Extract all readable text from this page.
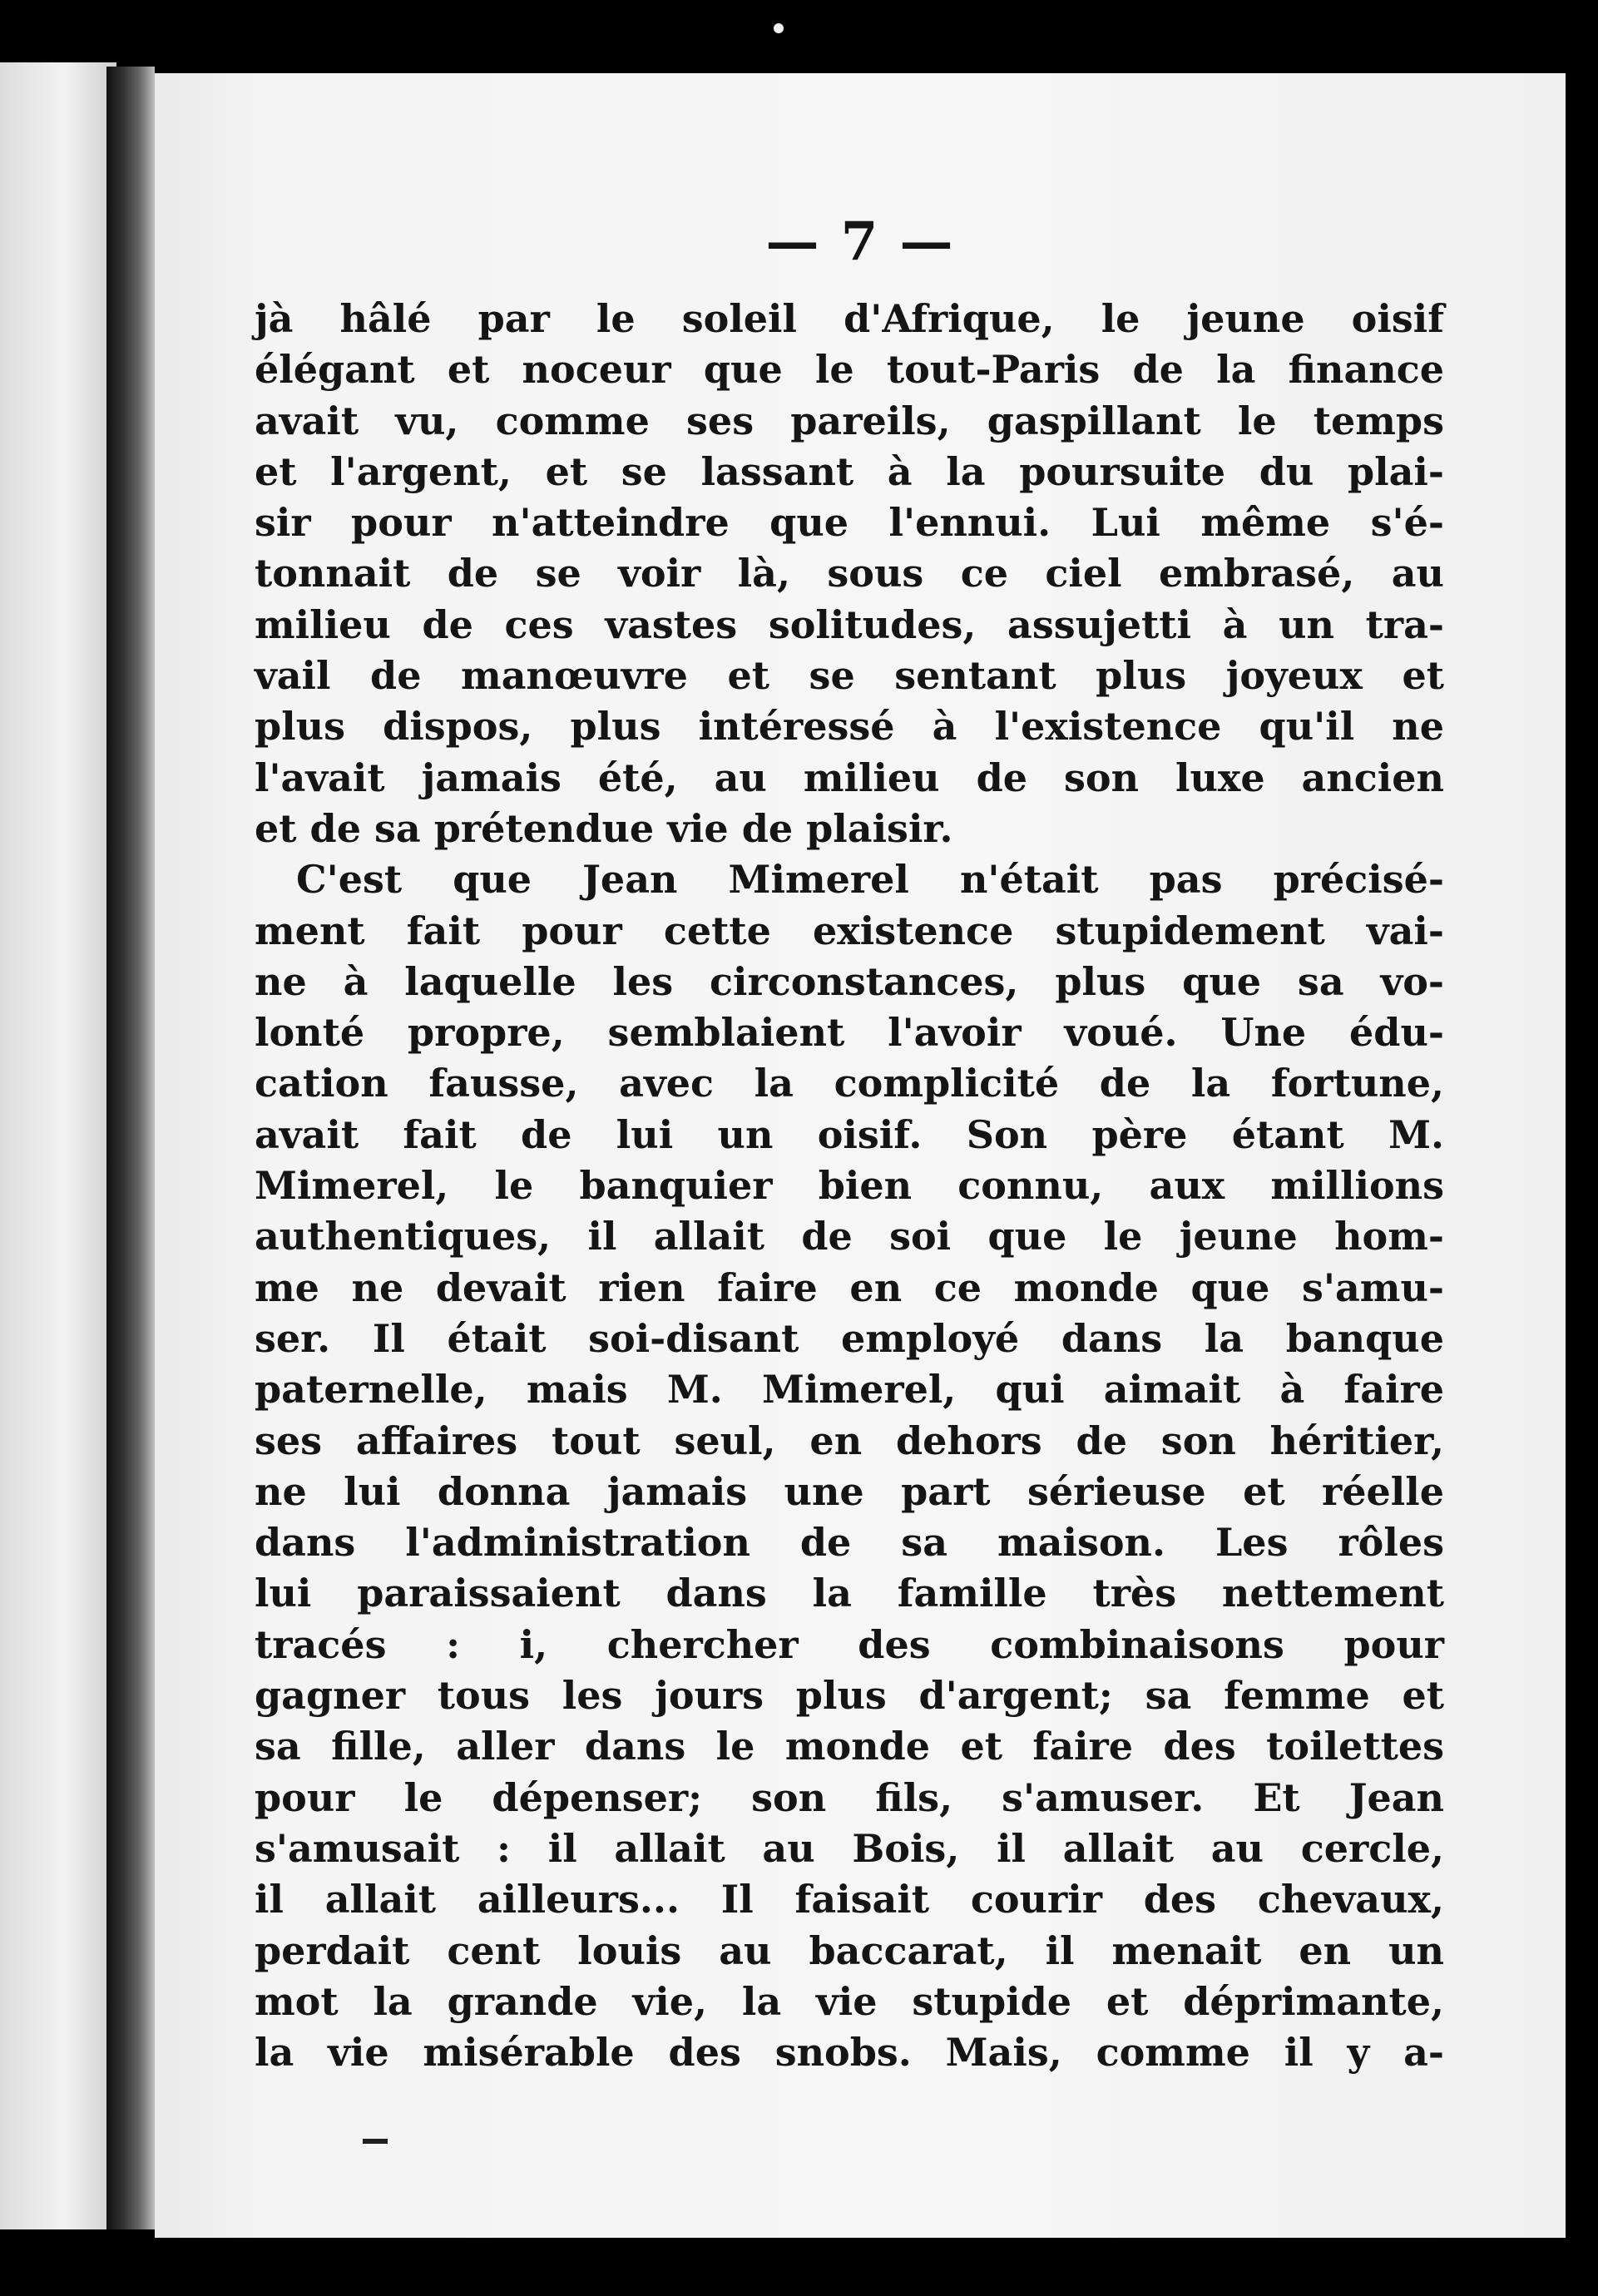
— 7 —
jà hâlé par le soleil d'Afrique, le jeune oisif
élégant et noceur que le tout-Paris de la finance
avait vu, comme ses pareils, gaspillant le temps
et l'argent, et se lassant à la poursuite du plai-
sir pour n'atteindre que l'ennui. Lui même s'é-
tonnait de se voir là, sous ce ciel embrasé, au
milieu de ces vastes solitudes, assujetti à un tra-
vail de manœuvre et se sentant plus joyeux et
plus dispos, plus intéressé à l'existence qu'il ne
l'avait jamais été, au milieu de son luxe ancien
et de sa prétendue vie de plaisir.
C'est que Jean Mimerel n'était pas précisé-
ment fait pour cette existence stupidement vai-
ne à laquelle les circonstances, plus que sa vo-
lonté propre, semblaient l'avoir voué. Une édu-
cation fausse, avec la complicité de la fortune,
avait fait de lui un oisif. Son père étant M.
Mimerel, le banquier bien connu, aux millions
authentiques, il allait de soi que le jeune hom-
me ne devait rien faire en ce monde que s'amu-
ser. Il était soi-disant employé dans la banque
paternelle, mais M. Mimerel, qui aimait à faire
ses affaires tout seul, en dehors de son héritier,
ne lui donna jamais une part sérieuse et réelle
dans l'administration de sa maison. Les rôles
lui paraissaient dans la famille très nettement
tracés : i, chercher des combinaisons pour
gagner tous les jours plus d'argent; sa femme et
sa fille, aller dans le monde et faire des toilettes
pour le dépenser; son fils, s'amuser. Et Jean
s'amusait : il allait au Bois, il allait au cercle,
il allait ailleurs... Il faisait courir des chevaux,
perdait cent louis au baccarat, il menait en un
mot la grande vie, la vie stupide et déprimante,
la vie misérable des snobs. Mais, comme il y a-
